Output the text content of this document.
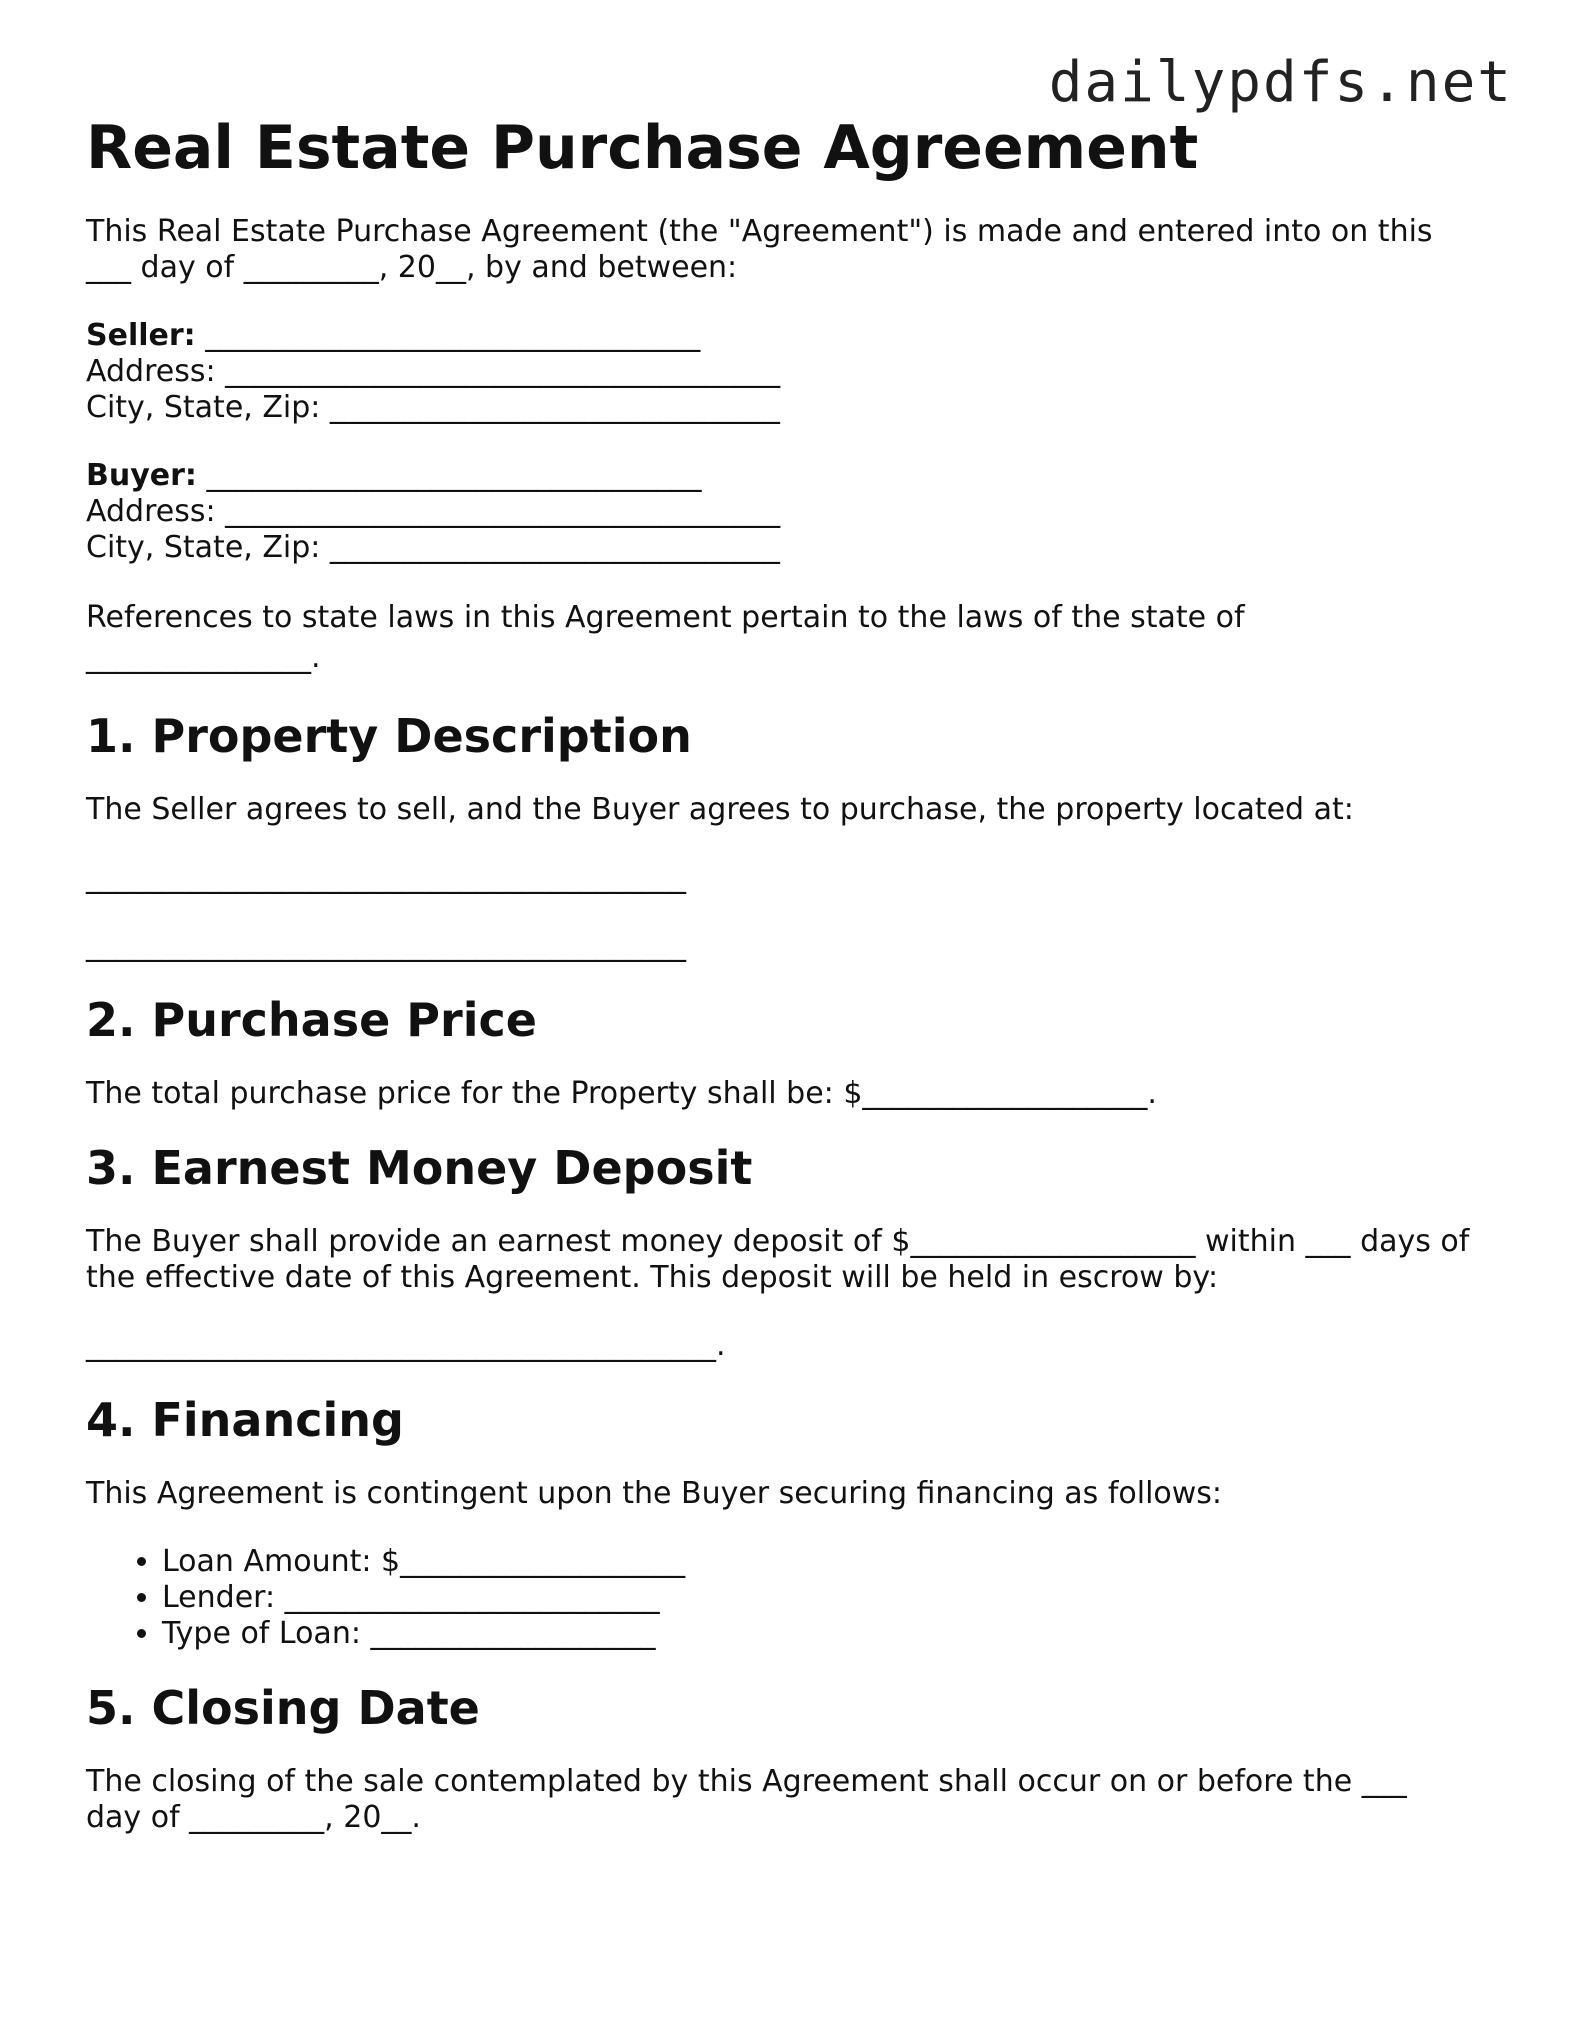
dailypdfs.net
Real Estate Purchase Agreement

This Real Estate Purchase Agreement (the "Agreement") is made and entered into on this ___ day of _________, 20__, by and between:

Seller: _________________________________
Address: _____________________________________
City, State, Zip: ______________________________
Buyer: _________________________________
Address: _____________________________________
City, State, Zip: ______________________________

References to state laws in this Agreement pertain to the laws of the state of _______________.

1. Property Description

The Seller agrees to sell, and the Buyer agrees to purchase, the property located at:

________________________________________

________________________________________

2. Purchase Price

The total purchase price for the Property shall be: $___________________.

3. Earnest Money Deposit

The Buyer shall provide an earnest money deposit of $___________________ within ___ days of the effective date of this Agreement. This deposit will be held in escrow by:

__________________________________________.

4. Financing

This Agreement is contingent upon the Buyer securing financing as follows:

• Loan Amount: $___________________
• Lender: _________________________
• Type of Loan: ___________________
5. Closing Date

The closing of the sale contemplated by this Agreement shall occur on or before the ___ day of _________, 20__.
